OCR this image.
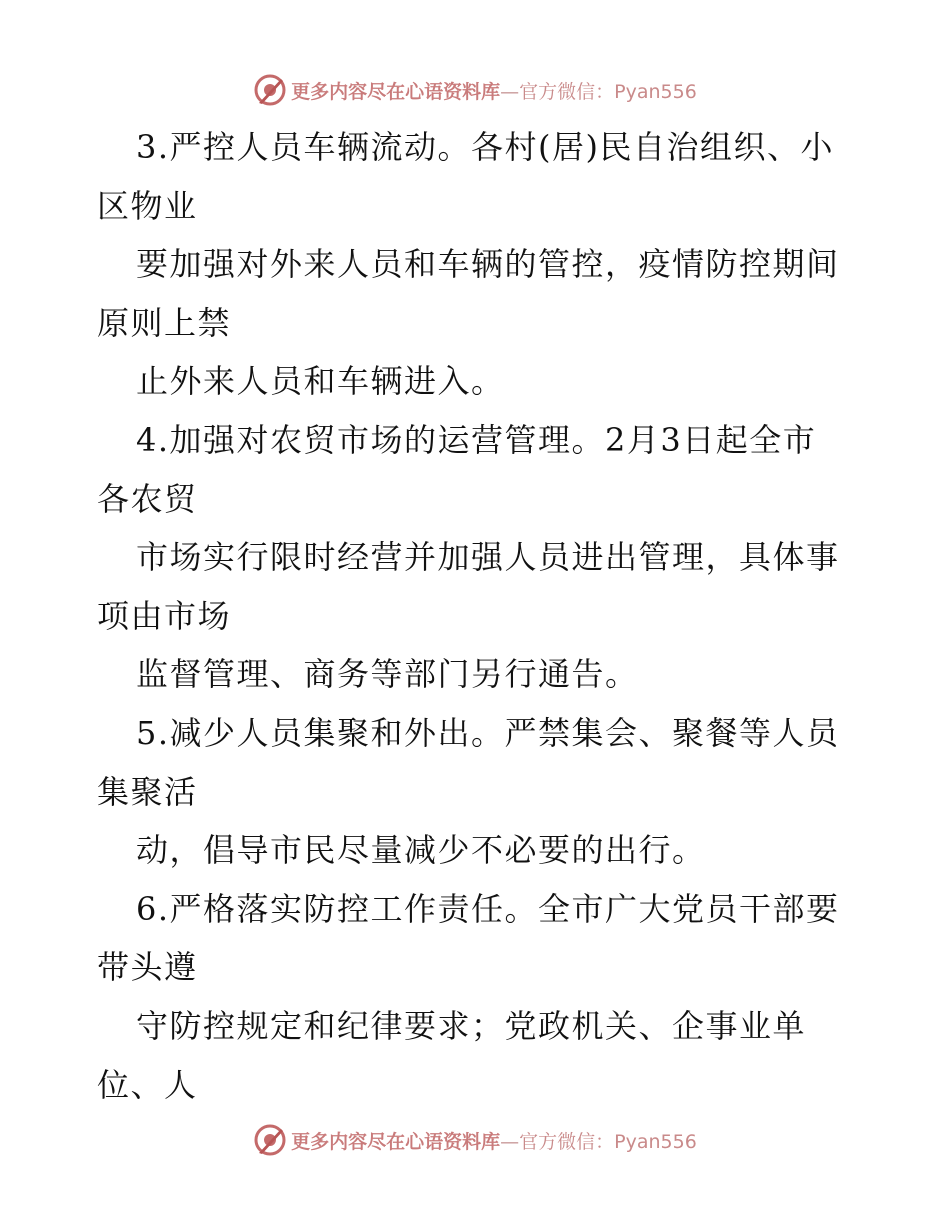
更多内容尽在心语资料库—官方微信：Pyan556
3.严控人员车辆流动。各村(居)民自治组织、小
区物业
要加强对外来人员和车辆的管控，疫情防控期间
原则上禁
止外来人员和车辆进入。
4.加强对农贸市场的运营管理。2月3日起全市
各农贸
市场实行限时经营并加强人员进出管理，具体事
项由市场
监督管理、商务等部门另行通告。
5.减少人员集聚和外出。严禁集会、聚餐等人员
集聚活
动，倡导市民尽量减少不必要的出行。
6.严格落实防控工作责任。全市广大党员干部要
带头遵
守防控规定和纪律要求；党政机关、企事业单
位、人
更多内容尽在心语资料库—官方微信：Pyan556
